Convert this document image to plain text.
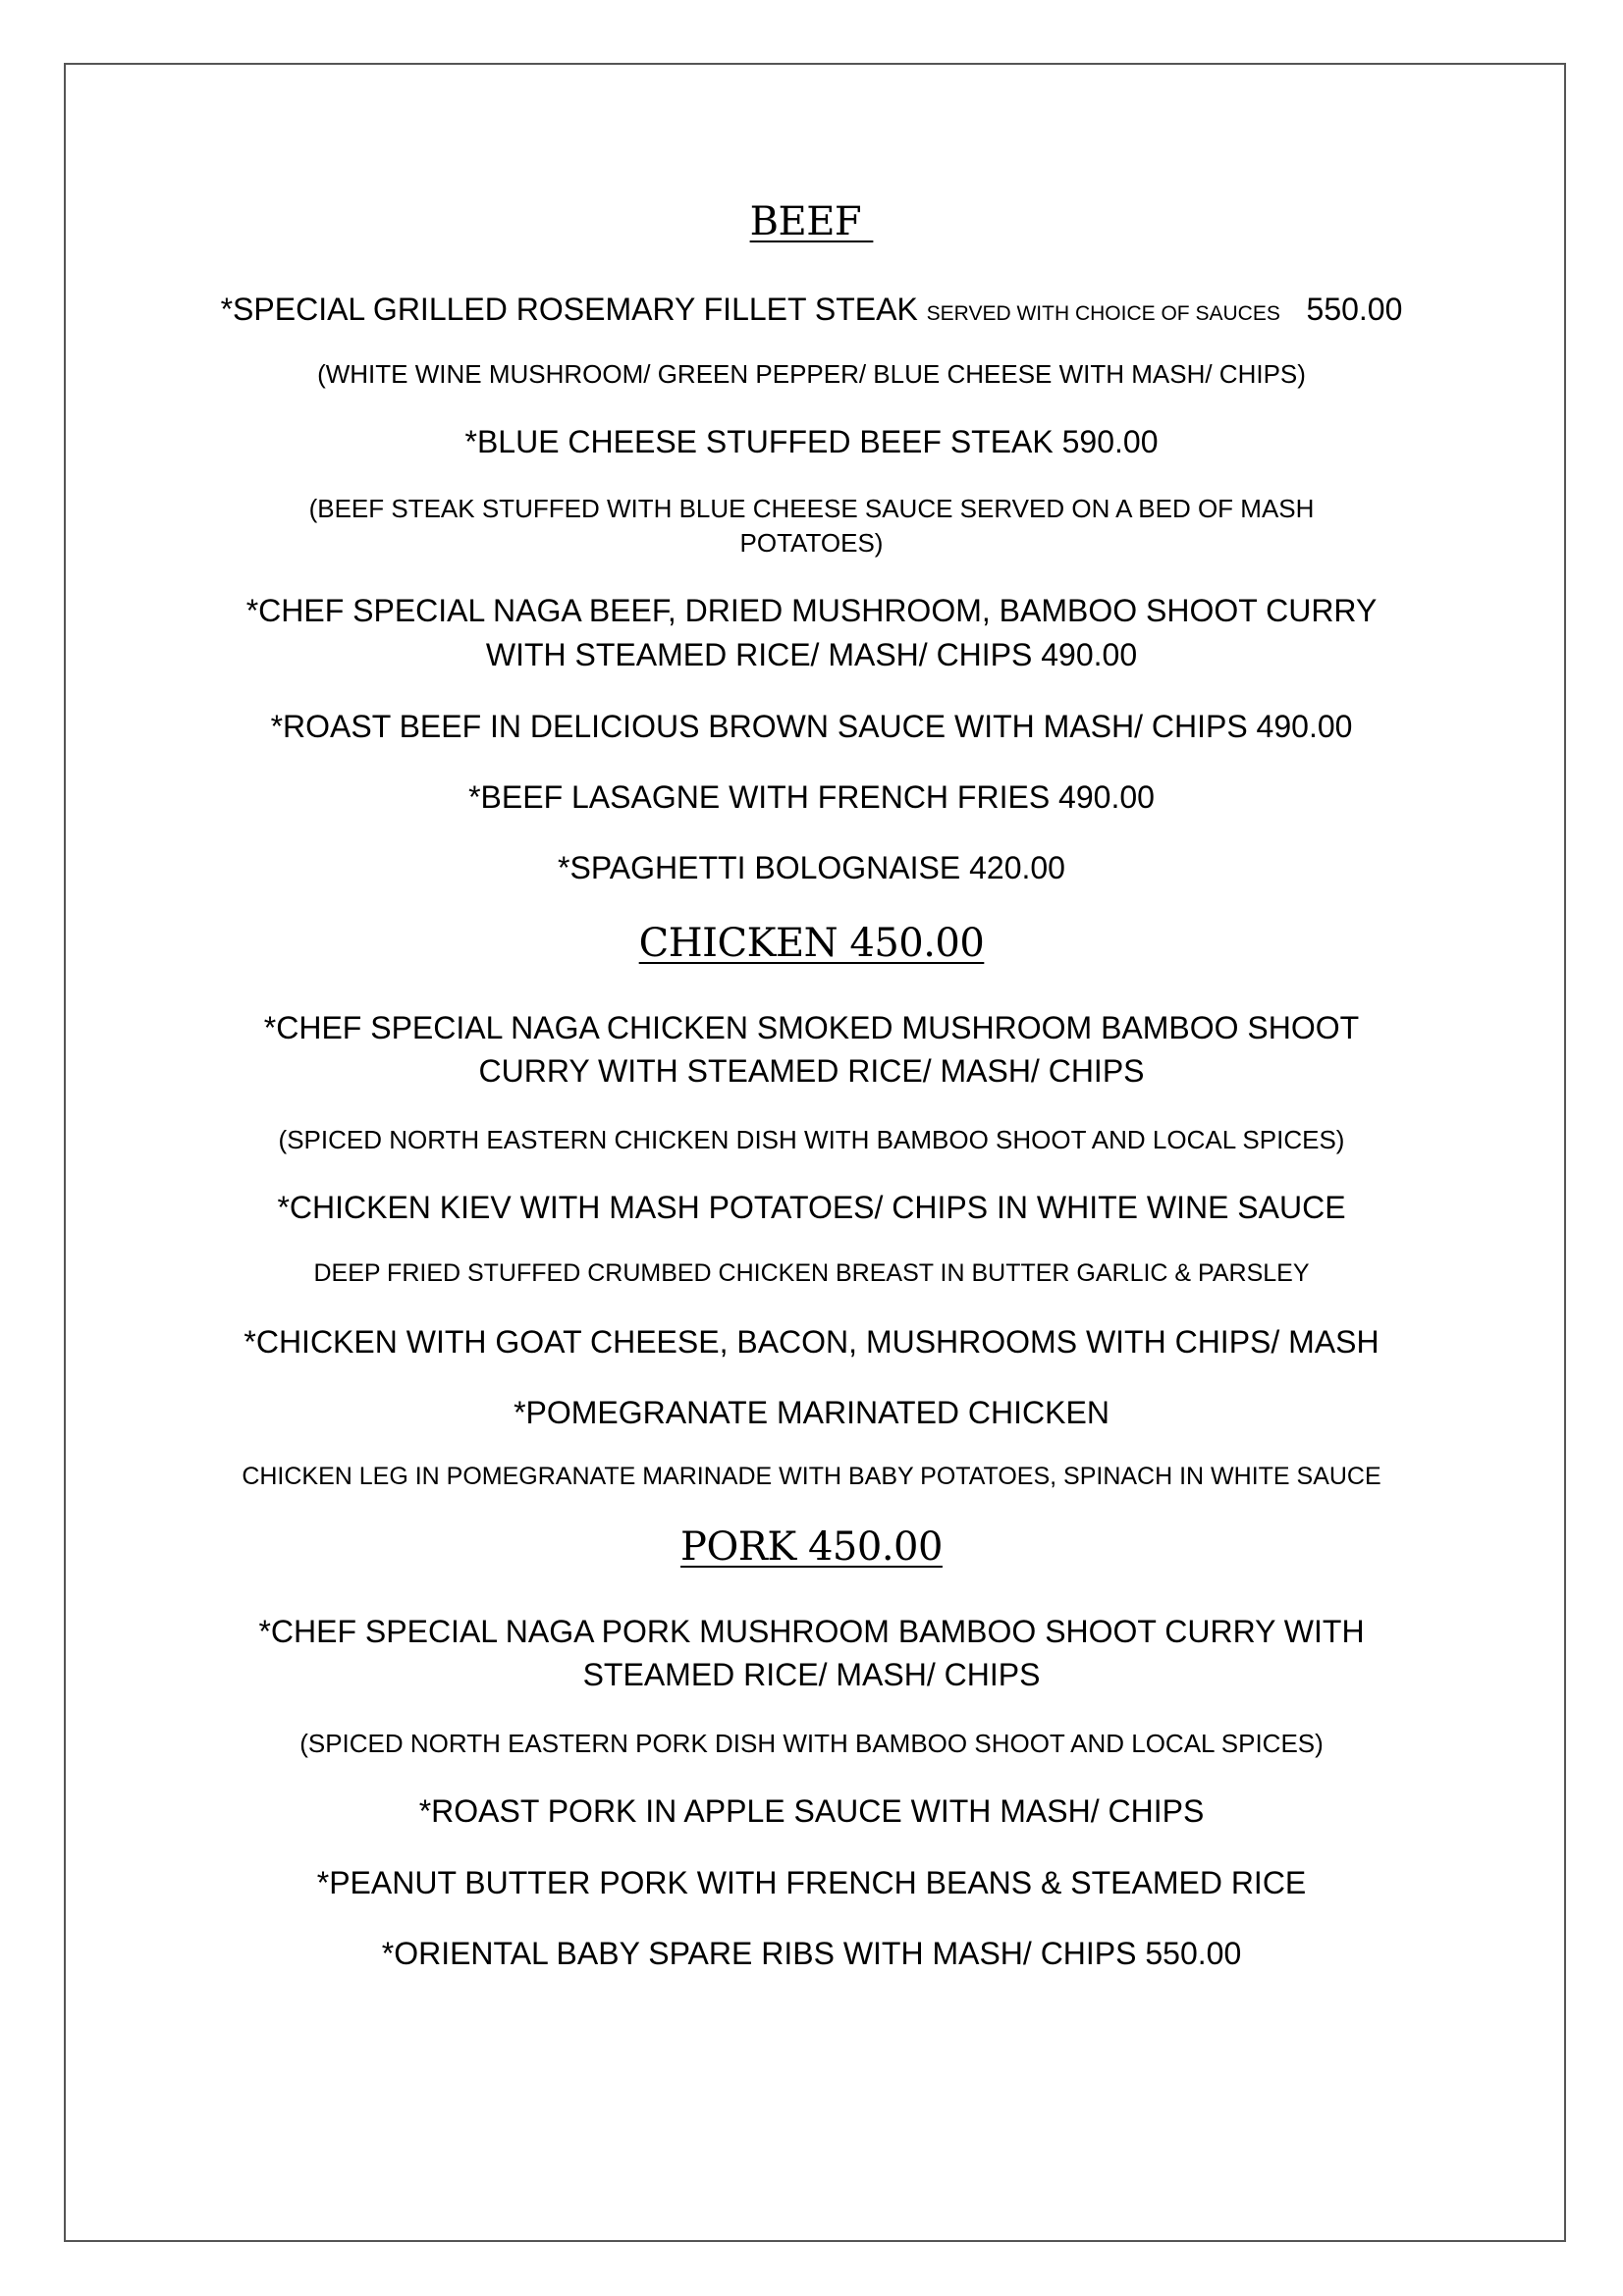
BEEF
*SPECIAL GRILLED ROSEMARY FILLET STEAK SERVED WITH CHOICE OF SAUCES 550.00
(WHITE WINE MUSHROOM/ GREEN PEPPER/ BLUE CHEESE WITH MASH/ CHIPS)
*BLUE CHEESE STUFFED BEEF STEAK 590.00
(BEEF STEAK STUFFED WITH BLUE CHEESE SAUCE SERVED ON A BED OF MASH
POTATOES)
*CHEF SPECIAL NAGA BEEF, DRIED MUSHROOM, BAMBOO SHOOT CURRY
WITH STEAMED RICE/ MASH/ CHIPS 490.00
*ROAST BEEF IN DELICIOUS BROWN SAUCE WITH MASH/ CHIPS 490.00
*BEEF LASAGNE WITH FRENCH FRIES 490.00
*SPAGHETTI BOLOGNAISE 420.00
CHICKEN 450.00
*CHEF SPECIAL NAGA CHICKEN SMOKED MUSHROOM BAMBOO SHOOT
CURRY WITH STEAMED RICE/ MASH/ CHIPS
(SPICED NORTH EASTERN CHICKEN DISH WITH BAMBOO SHOOT AND LOCAL SPICES)
*CHICKEN KIEV WITH MASH POTATOES/ CHIPS IN WHITE WINE SAUCE
DEEP FRIED STUFFED CRUMBED CHICKEN BREAST IN BUTTER GARLIC & PARSLEY
*CHICKEN WITH GOAT CHEESE, BACON, MUSHROOMS WITH CHIPS/ MASH
*POMEGRANATE MARINATED CHICKEN
CHICKEN LEG IN POMEGRANATE MARINADE WITH BABY POTATOES, SPINACH IN WHITE SAUCE
PORK 450.00
*CHEF SPECIAL NAGA PORK MUSHROOM BAMBOO SHOOT CURRY WITH
STEAMED RICE/ MASH/ CHIPS
(SPICED NORTH EASTERN PORK DISH WITH BAMBOO SHOOT AND LOCAL SPICES)
*ROAST PORK IN APPLE SAUCE WITH MASH/ CHIPS
*PEANUT BUTTER PORK WITH FRENCH BEANS & STEAMED RICE
*ORIENTAL BABY SPARE RIBS WITH MASH/ CHIPS 550.00
